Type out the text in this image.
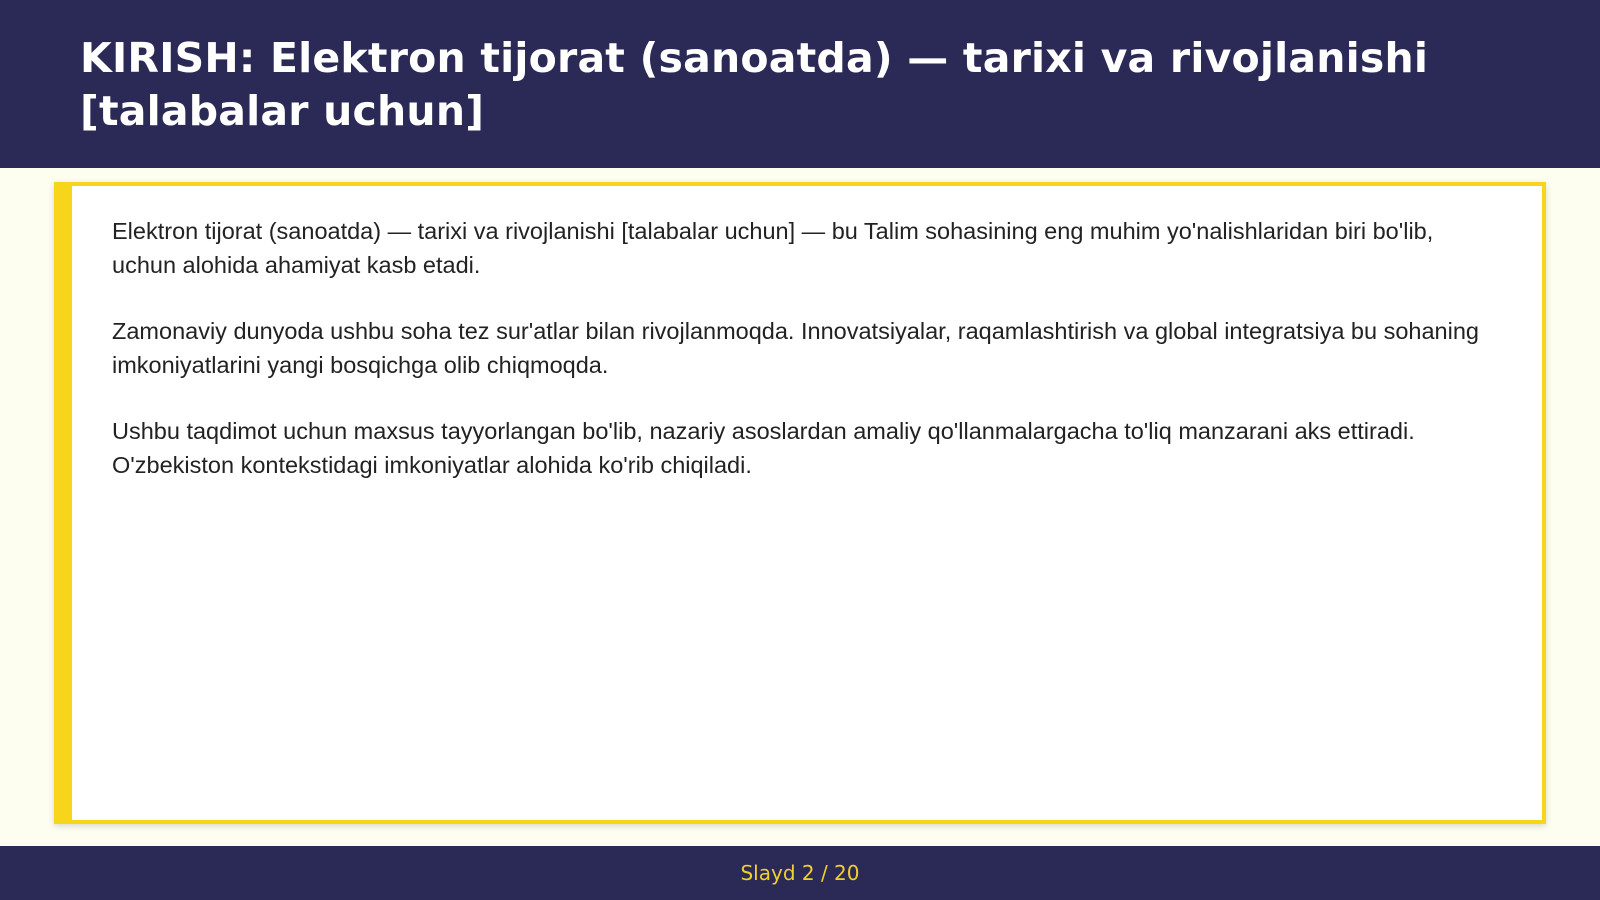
KIRISH: Elektron tijorat (sanoatda) — tarixi va rivojlanishi [talabalar uchun]

Elektron tijorat (sanoatda) — tarixi va rivojlanishi [talabalar uchun] — bu Talim sohasining eng muhim yo'nalishlaridan biri bo'lib, uchun alohida ahamiyat kasb etadi.

Zamonaviy dunyoda ushbu soha tez sur'atlar bilan rivojlanmoqda. Innovatsiyalar, raqamlashtirish va global integratsiya bu sohaning imkoniyatlarini yangi bosqichga olib chiqmoqda.

Ushbu taqdimot uchun maxsus tayyorlangan bo'lib, nazariy asoslardan amaliy qo'llanmalargacha to'liq manzarani aks ettiradi. O'zbekiston kontekstidagi imkoniyatlar alohida ko'rib chiqiladi.

Slayd 2 / 20
